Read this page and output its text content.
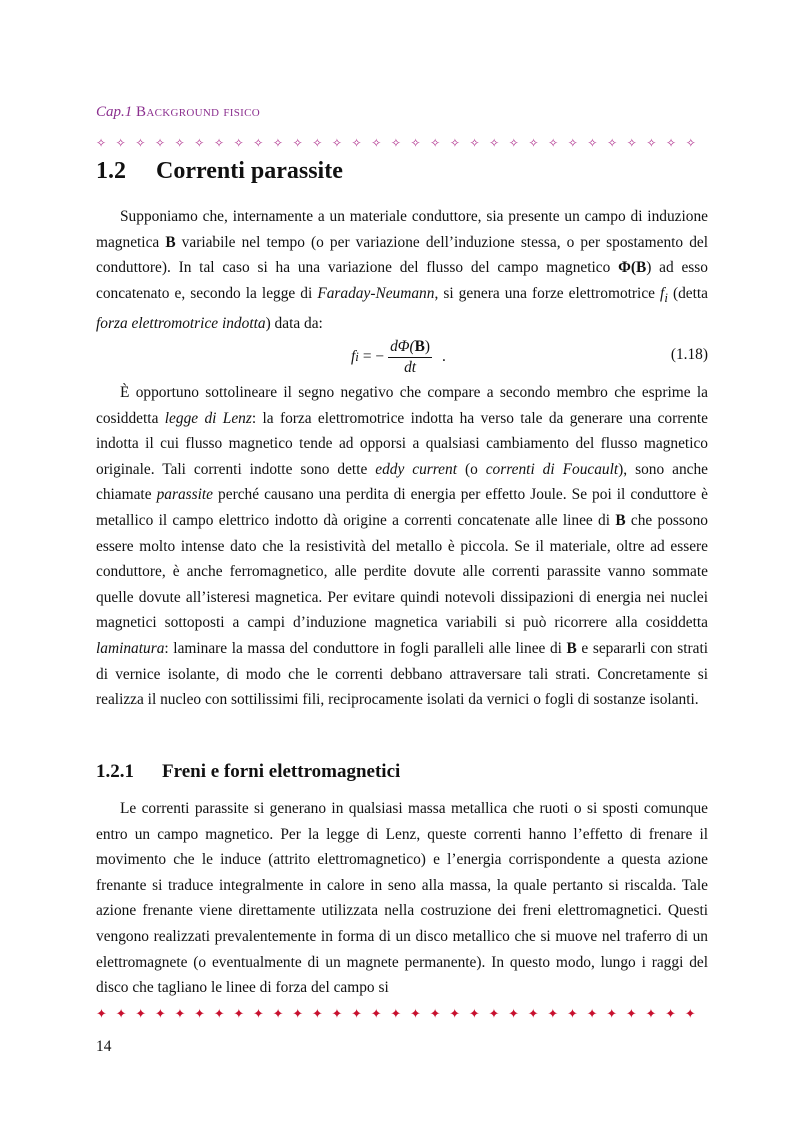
Cap.1 Background fisico
✧ ✧ ✧ ✧ ✧ ✧ ✧ ✧ ✧ ✧ ✧ ✧ ✧ ✧ ✧ ✧ ✧ ✧ ✧ ✧ ✧ ✧ ✧ ✧ ✧ ✧ ✧ ✧ ✧ ✧ ✧
1.2 Correnti parassite

Supponiamo che, internamente a un materiale conduttore, sia presente un campo di induzione magnetica B variabile nel tempo (o per variazione dell’induzione stessa, o per spostamento del conduttore). In tal caso si ha una variazione del flusso del campo magnetico Φ(B) ad esso concatenato e, secondo la legge di Faraday-Neumann, si genera una forze elettromotrice $f_i$ (detta forza elettromotrice indotta) data da:

f i = − $\frac{d\Phi(B)}{dt}$ .	(1.18)

È opportuno sottolineare il segno negativo che compare a secondo membro che esprime la cosiddetta legge di Lenz: la forza elettromotrice indotta ha verso tale da generare una corrente indotta il cui flusso magnetico tende ad opporsi a qualsiasi cambiamento del flusso magnetico originale. Tali correnti indotte sono dette eddy current (o correnti di Foucault), sono anche chiamate parassite perché causano una perdita di energia per effetto Joule. Se poi il conduttore è metallico il campo elettrico indotto dà origine a correnti concatenate alle linee di B che possono essere molto intense dato che la resistività del metallo è piccola. Se il materiale, oltre ad essere conduttore, è anche ferromagnetico, alle perdite dovute alle correnti parassite vanno sommate quelle dovute all’isteresi magnetica. Per evitare quindi notevoli dissipazioni di energia nei nuclei magnetici sottoposti a campi d’induzione magnetica variabili si può ricorrere alla cosiddetta laminatura: laminare la massa del conduttore in fogli paralleli alle linee di B e separarli con strati di vernice isolante, di modo che le correnti debbano attraversare tali strati. Concretamente si realizza il nucleo con sottilissimi fili, reciprocamente isolati da vernici o fogli di sostanze isolanti.

1.2.1 Freni e forni elettromagnetici

Le correnti parassite si generano in qualsiasi massa metallica che ruoti o si sposti comunque entro un campo magnetico. Per la legge di Lenz, queste correnti hanno l’effetto di frenare il movimento che le induce (attrito elettromagnetico) e l’energia corrispondente a questa azione frenante si traduce integralmente in calore in seno alla massa, la quale pertanto si riscalda. Tale azione frenante viene direttamente utilizzata nella costruzione dei freni elettromagnetici. Questi vengono realizzati prevalentemente in forma di un disco metallico che si muove nel traferro di un elettromagnete (o eventualmente di un magnete permanente). In questo modo, lungo i raggi del disco che tagliano le linee di forza del campo si

✦ ✦ ✦ ✦ ✦ ✦ ✦ ✦ ✦ ✦ ✦ ✦ ✦ ✦ ✦ ✦ ✦ ✦ ✦ ✦ ✦ ✦ ✦ ✦ ✦ ✦ ✦ ✦ ✦ ✦ ✦
14
